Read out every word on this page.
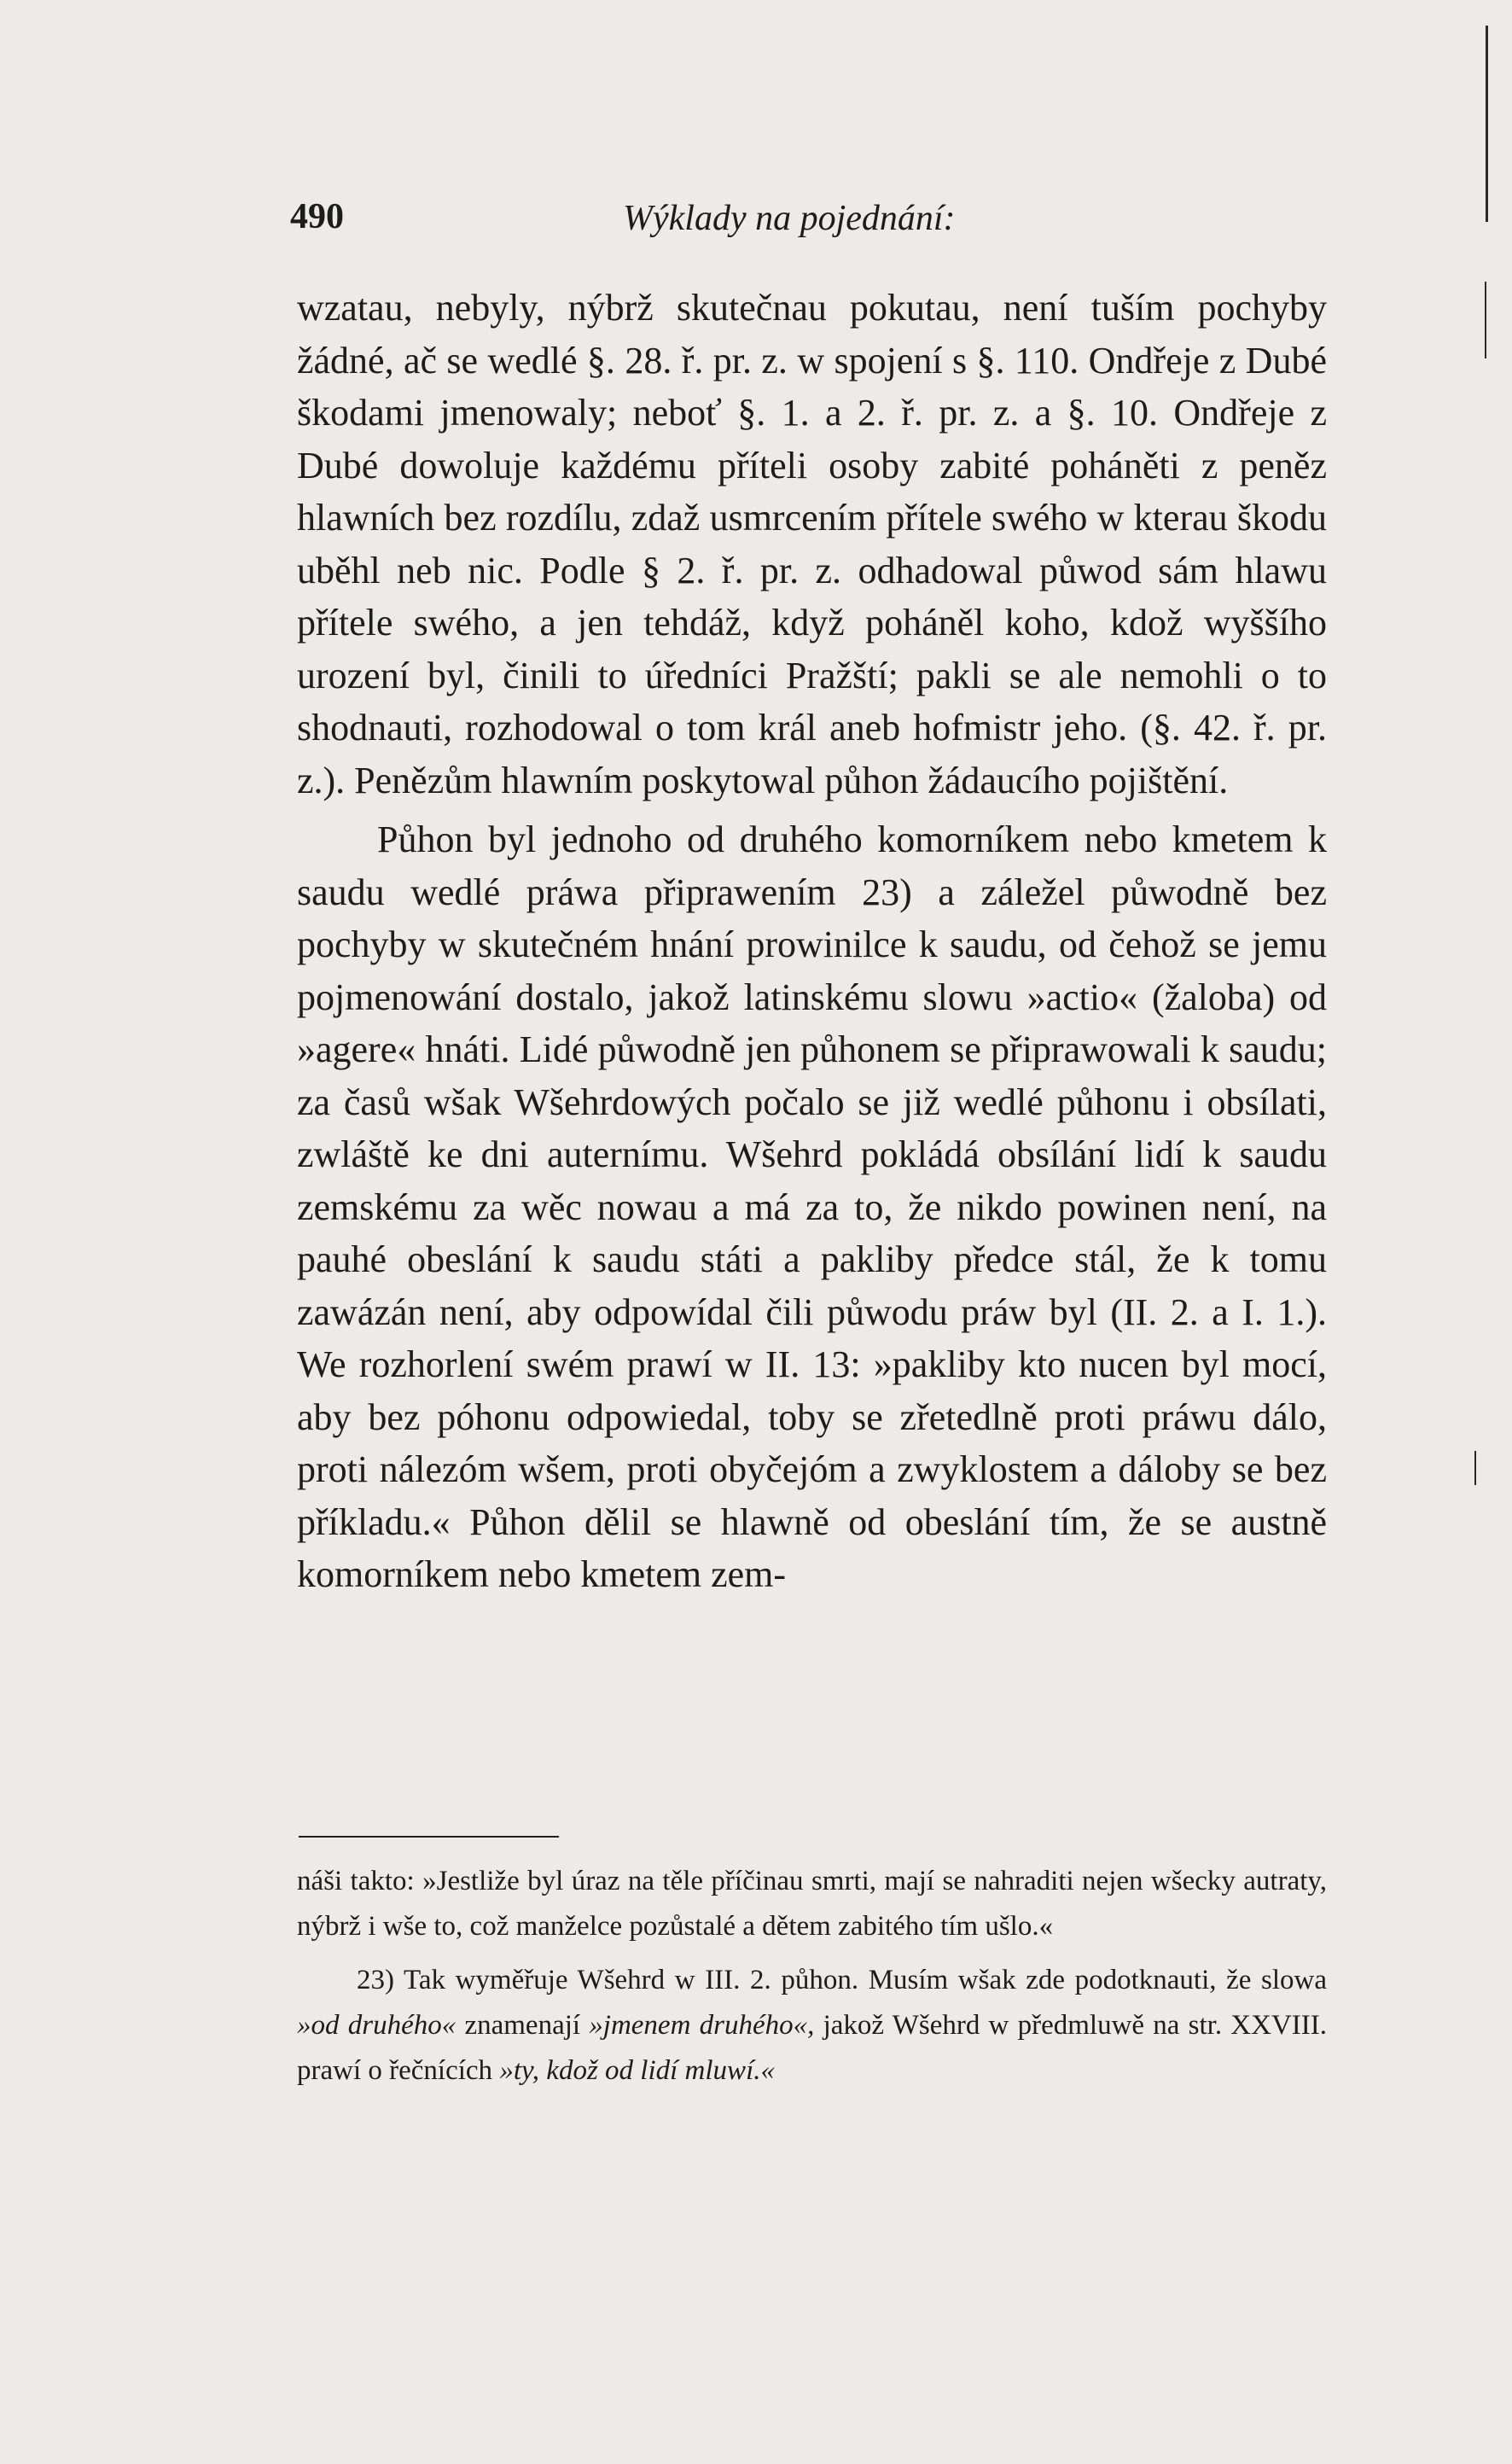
490	Wýklady na pojednání:

wzatau, nebyly, nýbrž skutečnau pokutau, není tuším pochyby žádné, ač se wedlé §. 28. ř. pr. z. w spojení s §. 110. Ondřeje z Dubé škodami jmenowaly; neboť §. 1. a 2. ř. pr. z. a §. 10. Ondřeje z Dubé dowoluje každému příteli osoby zabité poháněti z peněz hlawních bez rozdílu, zdaž usmrcením přítele swého w kterau škodu uběhl neb nic. Podle § 2. ř. pr. z. odhadowal půwod sám hlawu přítele swého, a jen tehdáž, když poháněl koho, kdož wyššího urození byl, činili to úředníci Pražští; pakli se ale nemohli o to shodnauti, rozhodowal o tom král aneb hofmistr jeho. (§. 42. ř. pr. z.). Penězům hlawním poskytowal půhon žádaucího pojištění.

Půhon byl jednoho od druhého komorníkem nebo kmetem k saudu wedlé práwa připrawením 23) a záležel půwodně bez pochyby w skutečném hnání prowinilce k saudu, od čehož se jemu pojmenowání dostalo, jakož latinskému slowu »actio« (žaloba) od »agere« hnáti. Lidé půwodně jen půhonem se připrawowali k saudu; za časů wšak Wšehrdowých počalo se již wedlé půhonu i obsílati, zwláště ke dni auternímu. Wšehrd pokládá obsílání lidí k saudu zemskému za wěc nowau a má za to, že nikdo powinen není, na pauhé obeslání k saudu státi a pakliby předce stál, že k tomu zawázán není, aby odpowídal čili půwodu práw byl (II. 2. a I. 1.). We rozhorlení swém prawí w II. 13: »pakliby kto nucen byl mocí, aby bez póhonu odpowiedal, toby se zřetedlně proti práwu dálo, proti nálezóm wšem, proti obyčejóm a zwyklostem a dáloby se bez příkladu.« Půhon dělil se hlawně od obeslání tím, že se austně komorníkem nebo kmetem zem-

náši takto: »Jestliže byl úraz na těle příčinau smrti, mají se nahraditi nejen wšecky autraty, nýbrž i wše to, což manželce pozůstalé a dětem zabitého tím ušlo.«

23) Tak wyměřuje Wšehrd w III. 2. půhon. Musím wšak zde podotknauti, že slowa »od druhého« znamenají »jmenem druhého«, jakož Wšehrd w předmluwě na str. XXVIII. prawí o řečnících »ty, kdož od lidí mluwí.«
